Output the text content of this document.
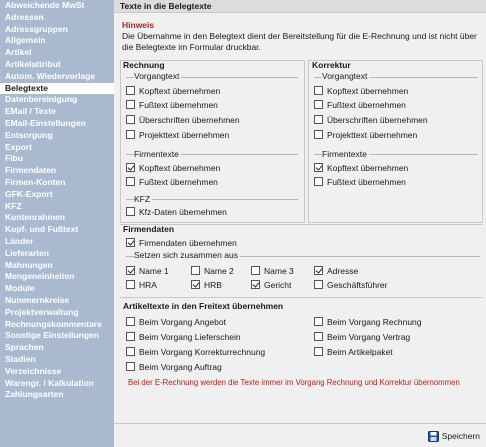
Abweichende MwSt
Adressen
Adressgruppen
Allgemein
Artikel
Artikelattribut
Autom. Wiedervorlage
Belegtexte
Datenbereinigung
EMail / Texte
EMail-Einstellungen
Entsorgung
Export
Fibu
Firmendaten
Firmen-Konten
GFK-Export
KFZ
Kontenrahmen
Kopf- und Fußtext
Länder
Lieferarten
Mahnungen
Mengeneinheiten
Module
Nummernkreise
Projektverwaltung
Rechnungskommentare
Sonstige Einstellungen
Sprachen
Stadien
Verzeichnisse
Warengr. / Kalkulation
Zahlungsarten
Texte in die Belegtexte
Hinweis
Die Übernahme in den Belegtext dient der Bereitstellung für die E-Rechnung und ist nicht über die Belegtexte im Formular druckbar.
Rechnung
Vorgangtext
Kopftext übernehmen
Fußtext übernehmen
Überschriften übernehmen
Projekttext übernehmen
Firmentexte
Kopftext übernehmen
Fußtext übernehmen
KFZ
Kfz-Daten übernehmen
Korrektur
Vorgangtext
Kopftext übernehmen
Fußtext übernehmen
Überschriften übernehmen
Projekttext übernehmen
Firmentexte
Kopftext übernehmen
Fußtext übernehmen
Firmendaten
Firmendaten übernehmen
Setzen sich zusammen aus
Name 1	Name 2	Name 3	Adresse
HRA	HRB	Gericht	Geschäftsführer
Artikeltexte in den Freitext übernehmen
Beim Vorgang Angebot
Beim Vorgang Lieferschein
Beim Vorgang Korrekturrechnung
Beim Vorgang Auftrag
Beim Vorgang Rechnung
Beim Vorgang Vertrag
Beim Artikelpaket
Bei der E-Rechnung werden die Texte immer im Vorgang Rechnung und Korrektur übernommen
Speichern
